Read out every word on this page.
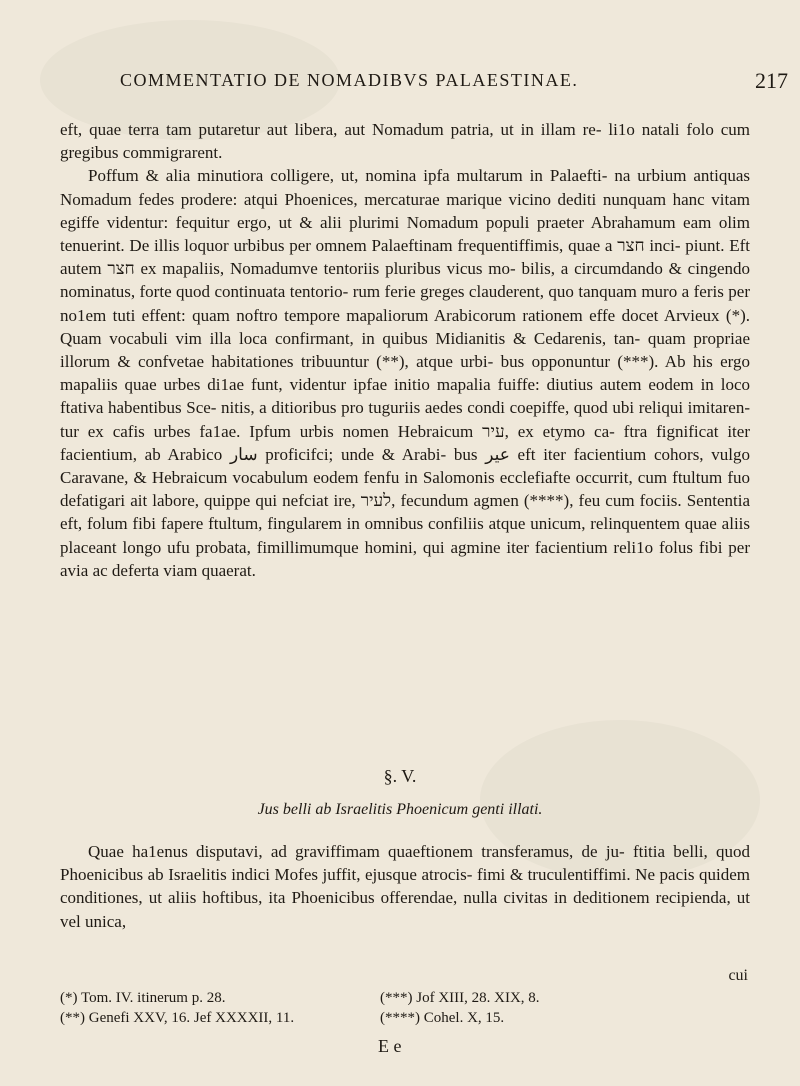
COMMENTATIO DE NOMADIBVS PALAESTINAE.	217

eft, quae terra tam putaretur aut libera, aut Nomadum patria, ut in illam re- li1o natali folo cum gregibus commigrarent.

Poffum & alia minutiora colligere, ut, nomina ipfa multarum in Palaefti- na urbium antiquas Nomadum fedes prodere: atqui Phoenices, mercaturae marique vicino dediti nunquam hanc vitam egiffe videntur: fequitur ergo, ut & alii plurimi Nomadum populi praeter Abrahamum eam olim tenuerint. De illis loquor urbibus per omnem Palaeftinam frequentiffimis, quae a חצר inci- piunt. Eft autem חצר ex mapaliis, Nomadumve tentoriis pluribus vicus mo- bilis, a circumdando & cingendo nominatus, forte quod continuata tentorio- rum ferie greges clauderent, quo tanquam muro a feris per no1em tuti effent: quam noftro tempore mapaliorum Arabicorum rationem effe docet Arvieux (*). Quam vocabuli vim illa loca confirmant, in quibus Midianitis & Cedarenis, tan- quam propriae illorum & confvetae habitationes tribuuntur (**), atque urbi- bus opponuntur (***). Ab his ergo mapaliis quae urbes di1ae funt, videntur ipfae initio mapalia fuiffe: diutius autem eodem in loco ftativa habentibus Sce- nitis, a ditioribus pro tuguriis aedes condi coepiffe, quod ubi reliqui imitaren- tur ex cafis urbes fa1ae. Ipfum urbis nomen Hebraicum עיר, ex etymo ca- ftra fignificat iter facientium, ab Arabico سار proficifci; unde & Arabi- bus عير eft iter facientium cohors, vulgo Caravane, & Hebraicum vocabulum eodem fenfu in Salomonis ecclefiafte occurrit, cum ftultum fuo defatigari ait labore, quippe qui nefciat ire, לעיר, fecundum agmen (****), feu cum fociis. Sententia eft, folum fibi fapere ftultum, fingularem in omnibus confiliis atque unicum, relinquentem quae aliis placeant longo ufu probata, fimillimumque homini, qui agmine iter facientium reli1o folus fibi per avia ac deferta viam quaerat.

§. V.
Jus belli ab Israelitis Phoenicum genti illati.

Quae ha1enus disputavi, ad graviffimam quaeftionem transferamus, de ju- ftitia belli, quod Phoenicibus ab Israelitis indici Mofes juffit, ejusque atrocis- fimi & truculentiffimi. Ne pacis quidem conditiones, ut aliis hoftibus, ita Phoenicibus offerendae, nulla civitas in deditionem recipienda, ut vel unica,

cui
(*) Tom. IV. itinerum p. 28.	(***) Jof XIII, 28. XIX, 8.
(**) Genefi XXV, 16. Jef XXXXII, 11.	(****) Cohel. X, 15.
E e
